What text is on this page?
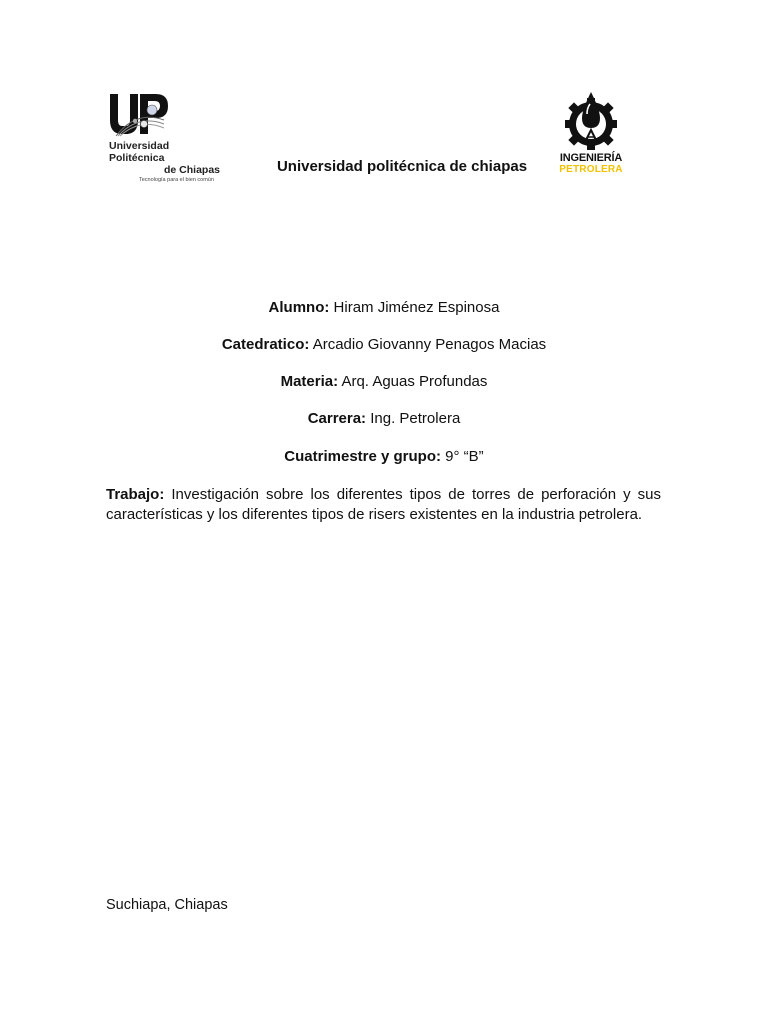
Universidad Politécnica
de Chiapas
Tecnología para el bien común
Universidad politécnica de chiapas	INGENIERÍA
PETROLERA
Alumno: Hiram Jiménez Espinosa
Catedratico: Arcadio Giovanny Penagos Macias
Materia: Arq. Aguas Profundas
Carrera: Ing. Petrolera
Cuatrimestre y grupo: 9° “B”
Trabajo: Investigación sobre los diferentes tipos de torres de perforación y sus características y los diferentes tipos de risers existentes en la industria petrolera.
Suchiapa, Chiapas
